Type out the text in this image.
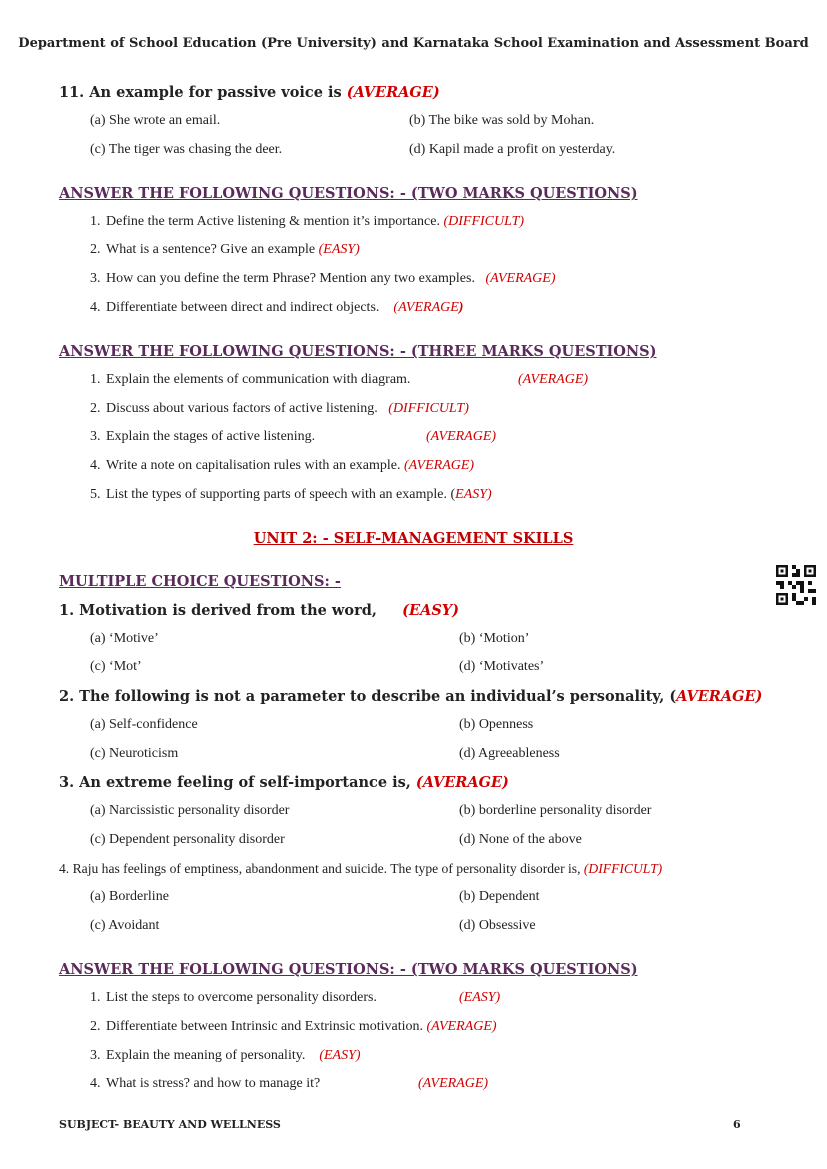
Department of School Education (Pre University) and Karnataka School Examination and Assessment Board
11. An example for passive voice is (AVERAGE)
(a) She wrote an email.	(b) The bike was sold by Mohan.
(c) The tiger was chasing the deer.	(d) Kapil made a profit on yesterday.
ANSWER THE FOLLOWING QUESTIONS: - (TWO MARKS QUESTIONS)
1. Define the term Active listening & mention it’s importance. (DIFFICULT)
2. What is a sentence? Give an example (EASY)
3. How can you define the term Phrase? Mention any two examples. (AVERAGE)
4. Differentiate between direct and indirect objects. (AVERAGE)
ANSWER THE FOLLOWING QUESTIONS: - (THREE MARKS QUESTIONS)
1. Explain the elements of communication with diagram.	(AVERAGE)
2. Discuss about various factors of active listening. (DIFFICULT)
3. Explain the stages of active listening.	(AVERAGE)
4. Write a note on capitalisation rules with an example. (AVERAGE)
5. List the types of supporting parts of speech with an example. (EASY)
UNIT 2: - SELF-MANAGEMENT SKILLS
MULTIPLE CHOICE QUESTIONS: -
1. Motivation is derived from the word, (EASY)
(a) ‘Motive’	(b) ‘Motion’
(c) ‘Mot’	(d) ‘Motivates’
2. The following is not a parameter to describe an individual’s personality, (AVERAGE)
(a) Self-confidence	(b) Openness
(c) Neuroticism	(d) Agreeableness
3. An extreme feeling of self-importance is, (AVERAGE)
(a) Narcissistic personality disorder	(b) borderline personality disorder
(c) Dependent personality disorder	(d) None of the above
4. Raju has feelings of emptiness, abandonment and suicide. The type of personality disorder is, (DIFFICULT)
(a) Borderline	(b) Dependent
(c) Avoidant	(d) Obsessive
ANSWER THE FOLLOWING QUESTIONS: - (TWO MARKS QUESTIONS)
1. List the steps to overcome personality disorders.	(EASY)
2. Differentiate between Intrinsic and Extrinsic motivation. (AVERAGE)
3. Explain the meaning of personality. (EASY)
4. What is stress? and how to manage it?	(AVERAGE)
SUBJECT- BEAUTY AND WELLNESS	6
